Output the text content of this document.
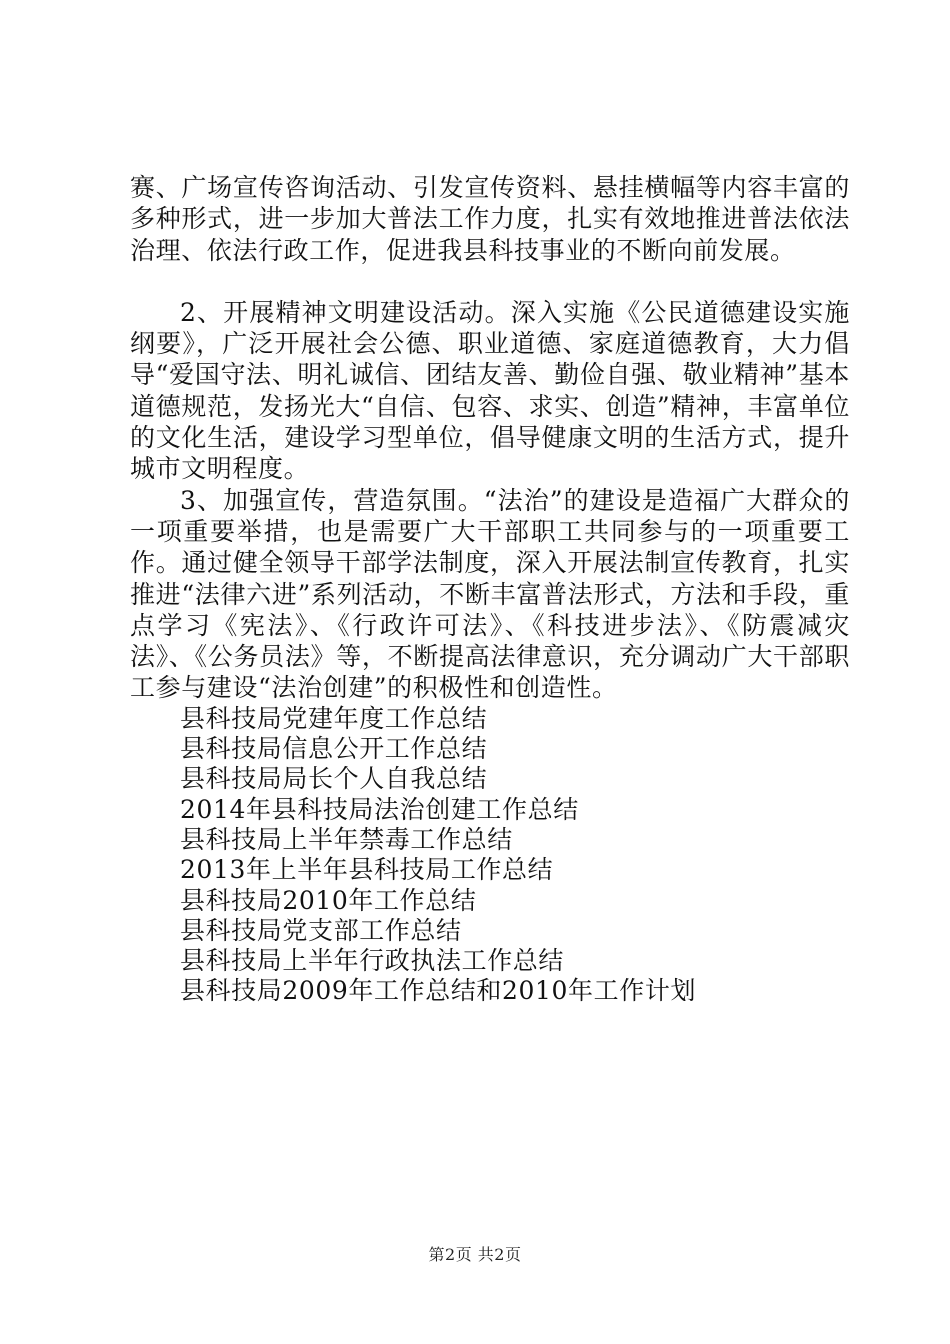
赛、广场宣传咨询活动、引发宣传资料、悬挂横幅等内容丰富的多种形式，进一步加大普法工作力度，扎实有效地推进普法依法治理、依法行政工作，促进我县科技事业的不断向前发展。

2、开展精神文明建设活动。深入实施《公民道德建设实施纲要》，广泛开展社会公德、职业道德、家庭道德教育，大力倡导“爱国守法、明礼诚信、团结友善、勤俭自强、敬业精神”基本道德规范，发扬光大“自信、包容、求实、创造”精神，丰富单位的文化生活，建设学习型单位，倡导健康文明的生活方式，提升城市文明程度。

3、加强宣传，营造氛围。“法治”的建设是造福广大群众的一项重要举措，也是需要广大干部职工共同参与的一项重要工作。通过健全领导干部学法制度，深入开展法制宣传教育，扎实推进“法律六进”系列活动，不断丰富普法形式，方法和手段，重点学习《宪法》、《行政许可法》、《科技进步法》、《防震减灾法》、《公务员法》等，不断提高法律意识，充分调动广大干部职工参与建设“法治创建”的积极性和创造性。

县科技局党建年度工作总结
县科技局信息公开工作总结
县科技局局长个人自我总结
2014年县科技局法治创建工作总结
县科技局上半年禁毒工作总结
2013年上半年县科技局工作总结
县科技局2010年工作总结
县科技局党支部工作总结
县科技局上半年行政执法工作总结
县科技局2009年工作总结和2010年工作计划
第2页 共2页
